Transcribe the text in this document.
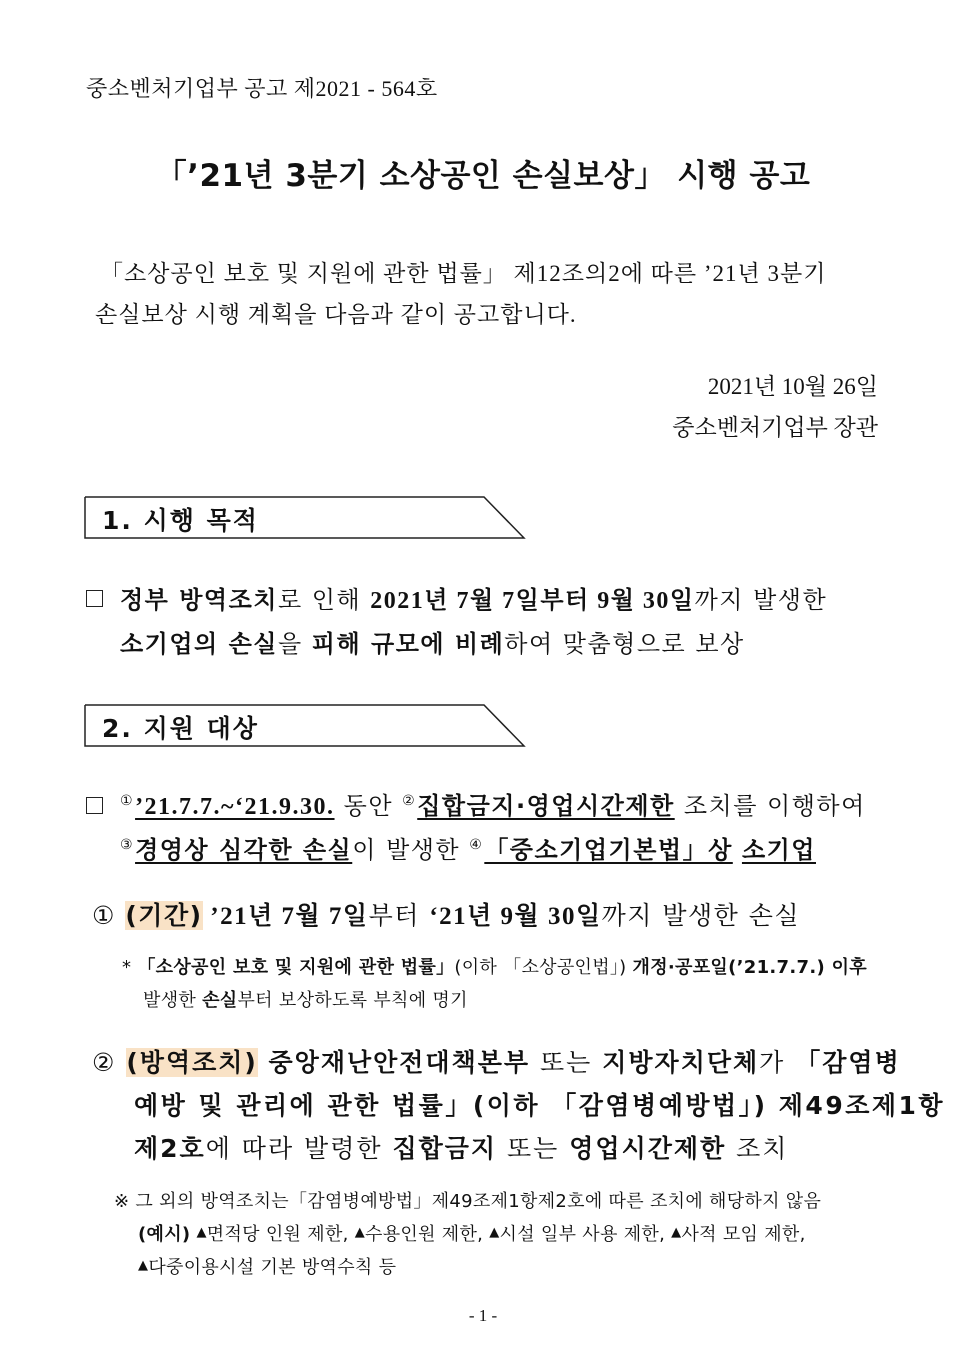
중소벤처기업부 공고 제2021 - 564호
「’21년 3분기 소상공인 손실보상」 시행 공고
「소상공인 보호 및 지원에 관한 법률」 제12조의2에 따른 ’21년 3분기
손실보상 시행 계획을 다음과 같이 공고합니다.
2021년 10월 26일
중소벤처기업부 장관
1. 시행 목적
정부 방역조치로 인해 2021년 7월 7일부터 9월 30일까지 발생한
소기업의 손실을 피해 규모에 비례하여 맞춤형으로 보상
2. 지원 대상
①’21.7.7.~‘21.9.30. 동안 ②집합금지·영업시간제한 조치를 이행하여
③경영상 심각한 손실이 발생한 ④「중소기업기본법」상 소기업
① (기간) ’21년 7월 7일부터 ‘21년 9월 30일까지 발생한 손실
* 「소상공인 보호 및 지원에 관한 법률」(이하 「소상공인법」) 개정·공포일(’21.7.7.) 이후
발생한 손실부터 보상하도록 부칙에 명기
② (방역조치) 중앙재난안전대책본부 또는 지방자치단체가 「감염병
예방 및 관리에 관한 법률」(이하 「감염병예방법」) 제49조제1항
제2호에 따라 발령한 집합금지 또는 영업시간제한 조치
※ 그 외의 방역조치는「감염병예방법」제49조제1항제2호에 따른 조치에 해당하지 않음
(예시) ▲면적당 인원 제한, ▲수용인원 제한, ▲시설 일부 사용 제한, ▲사적 모임 제한,
▲다중이용시설 기본 방역수칙 등
- 1 -
